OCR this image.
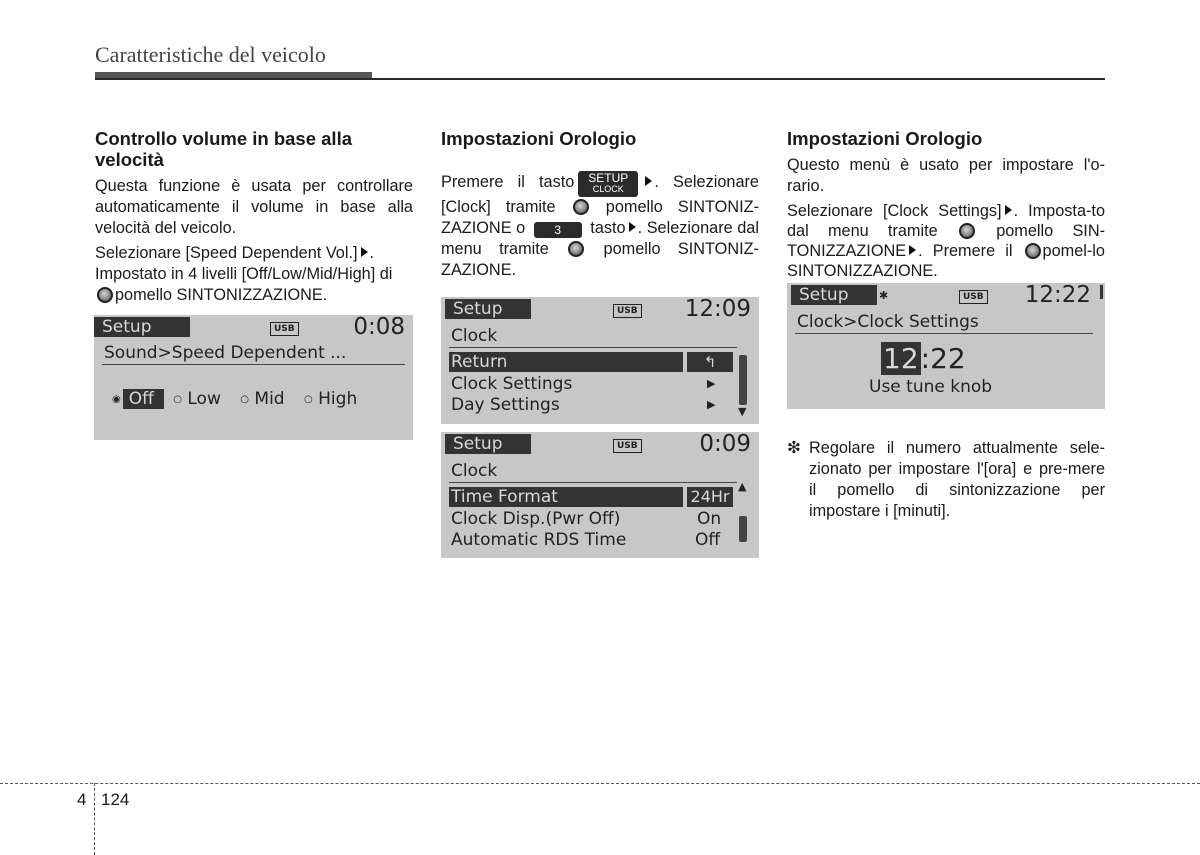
Caratteristiche del veicolo
Controllo volume in base alla velocità

Questa funzione è usata per controllare automaticamente il volume in base alla velocità del veicolo.

Selezionare [Speed Dependent Vol.] . Impostato in 4 livelli [Off/Low/Mid/High] di
pomello SINTONIZZAZIONE.

Setup	USB	0:08
Sound>Speed Dependent ...
◉ Off ○ Low ○ Mid ○ High
Impostazioni Orologio

Premere il tasto	SETUP
CLOCK	. Selezionare [Clock] tramite	pomello SINTONIZ-ZAZIONE o 3 tasto . Selezionare dal menu tramite	pomello SINTONIZ-ZAZIONE.

Setup	USB 12:09
Clock
Return	↰
Clock Settings	▶
Day Settings	▶
▼
Setup	USB	0:09
Clock
Time Format	24Hr
Clock Disp.(Pwr Off)	On
Automatic RDS Time	Off
▲
Impostazioni Orologio

Questo menù è usato per impostare l'o-rario.

Selezionare [Clock Settings] . Imposta-to dal menu tramite	pomello SIN-TONIZZAZIONE . Premere il pomel-lo SINTONIZZAZIONE.

Setup	✱	USB 12:22
Clock>Clock Settings
12:22
Use tune knob
❇ Regolare il numero attualmente sele-zionato per impostare l'[ora] e pre-mere il pomello di sintonizzazione per impostare i [minuti].
4 124
